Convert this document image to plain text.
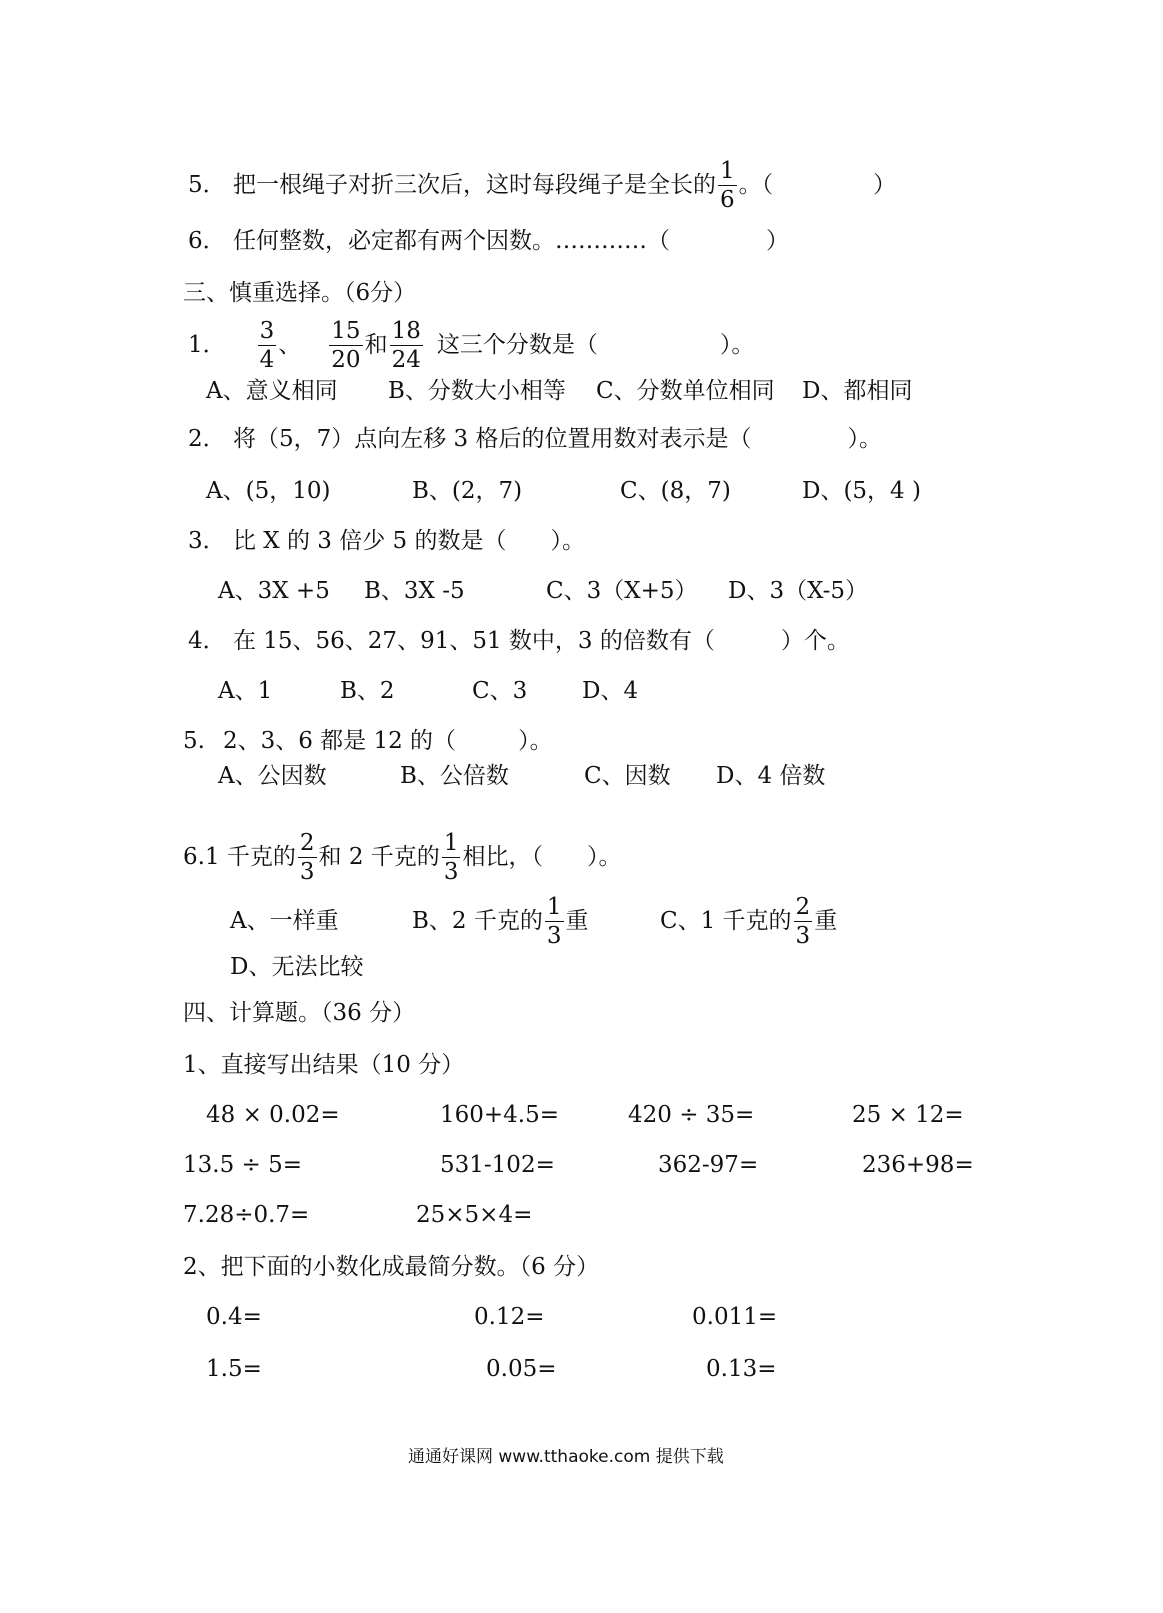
5． 把一根绳子对折三次后，这时每段绳子是全长的 $\frac{1}{6}$ 。（	）
6． 任何整数，必定都有两个因数。…………（	）
三、慎重选择。（6分）
1． $\frac{3}{4}$ 、 $\frac{15}{20}$ 和 $\frac{18}{24}$ 这三个分数是（	）。
A、意义相同 B、分数大小相等 C、分数单位相同 D、都相同
2． 将（5，7）点向左移 3 格后的位置用数对表示是（	）。
A、(5，10)	B、(2，7)	C、(8，7)	D、(5，4 )
3． 比 X 的 3 倍少 5 的数是（ ）。
A、3X +5 B、3X -5	C、3（X+5） D、3（X-5）
4． 在 15、56、27、91、51 数中，3 的倍数有（	）个。
A、1	B、2	C、3 D、4
5. 2、3、6 都是 12 的（	）。
A、公因数	B、公倍数	C、因数 D、4 倍数
6.1 千克的 $\frac{2}{3}$ 和 2 千克的 $\frac{1}{3}$ 相比，（ ）。
A、一样重	B、2 千克的 $\frac{1}{3}$ 重	C、1 千克的 $\frac{2}{3}$ 重
D、无法比较
四、计算题。（36 分）
1、直接写出结果（10 分）
48 × 0.02=	160+4.5=	420 ÷ 35=	25 × 12=
13.5 ÷ 5=	531-102=	362-97=	236+98=
7.28÷0.7=	25×5×4=
2、把下面的小数化成最简分数。（6 分）
0.4=	0.12=	0.011=
1.5=	0.05=	0.13=
通通好课网 www.tthaoke.com 提供下载
